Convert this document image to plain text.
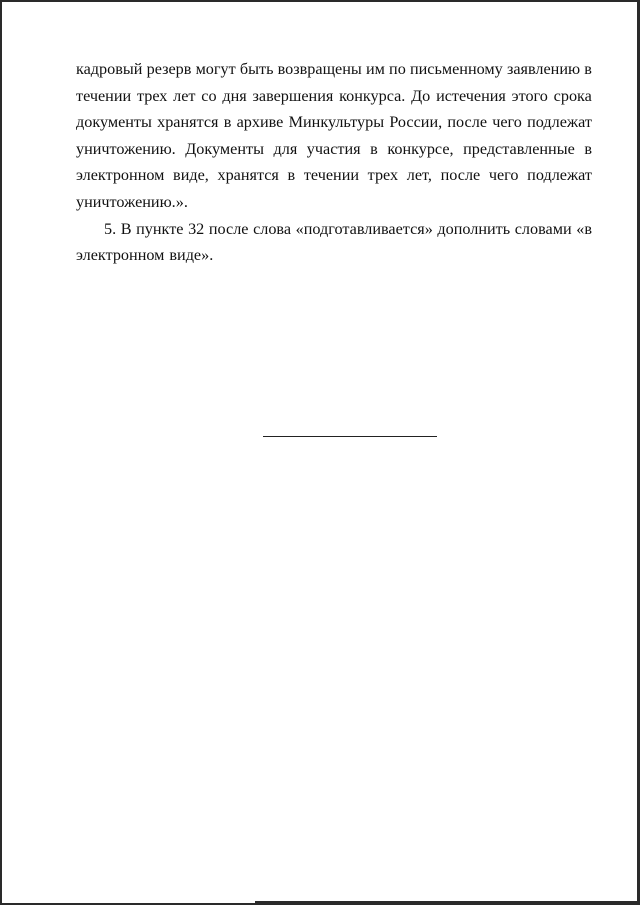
кадровый резерв могут быть возвращены им по письменному заявлению в
течении трех лет со дня завершения конкурса. До истечения этого срока
документы хранятся в архиве Минкультуры России, после чего подлежат
уничтожению. Документы для участия в конкурсе, представленные в
электронном виде, хранятся в течении трех лет, после чего подлежат
уничтожению.».
5. В пункте 32 после слова «подготавливается» дополнить словами «в
электронном виде».
